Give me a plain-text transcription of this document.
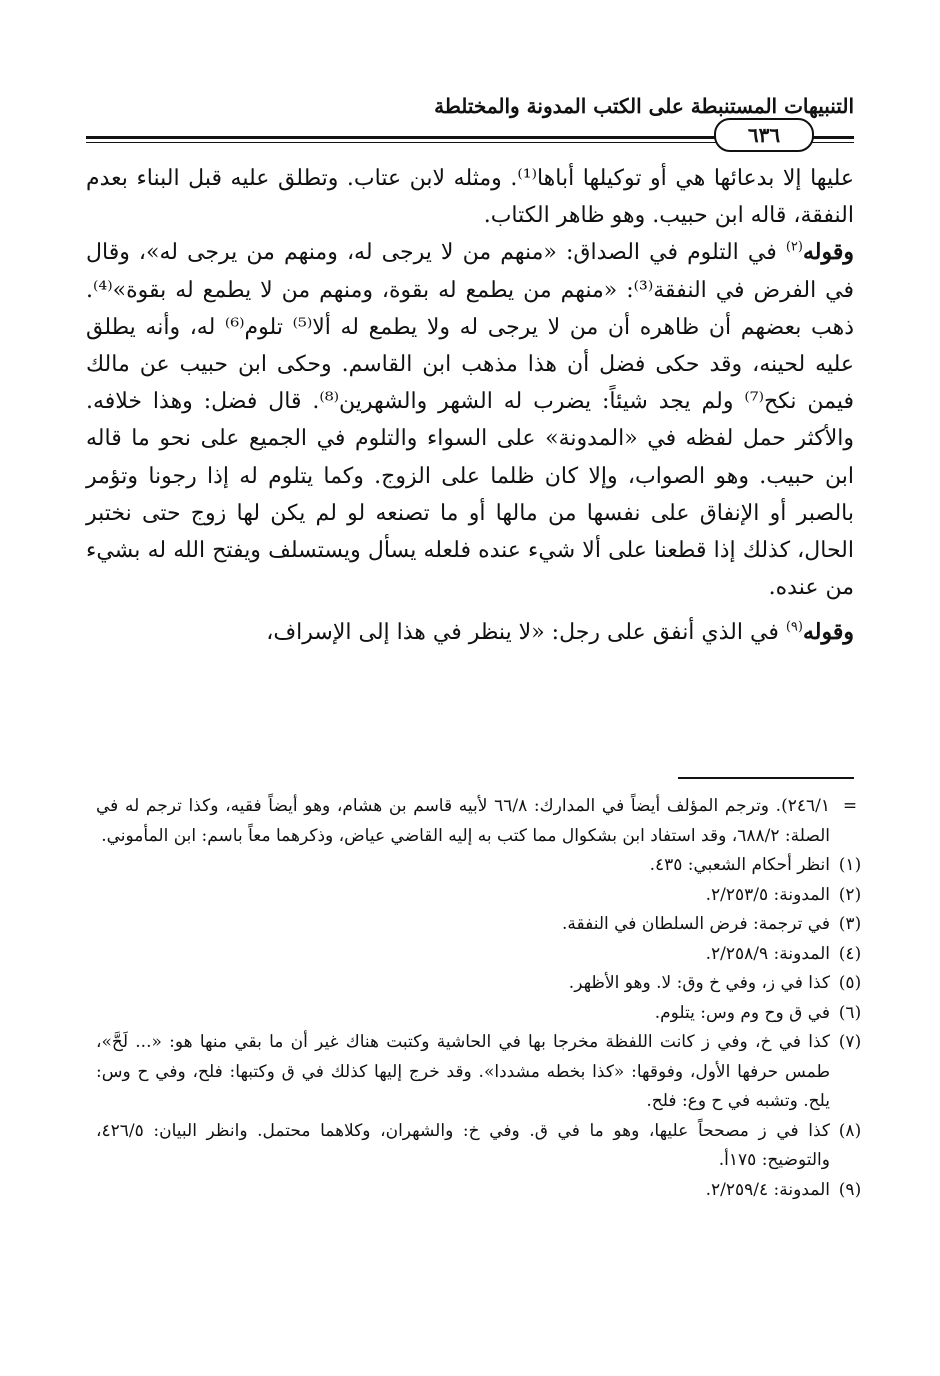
التنبيهات المستنبطة على الكتب المدونة والمختلطة
٦٣٦

عليها إلا بدعائها هي أو توكيلها أباها⁽¹⁾. ومثله لابن عتاب. وتطلق عليه قبل البناء بعدم النفقة، قاله ابن حبيب. وهو ظاهر الكتاب.

وقوله$^{(٢)}$ في التلوم في الصداق: «منهم من لا يرجى له، ومنهم من يرجى له»، وقال في الفرض في النفقة⁽³⁾: «منهم من يطمع له بقوة، ومنهم من لا يطمع له بقوة»⁽⁴⁾. ذهب بعضهم أن ظاهره أن من لا يرجى له ولا يطمع له ألا⁽⁵⁾ تلوم⁽⁶⁾ له، وأنه يطلق عليه لحينه، وقد حكى فضل أن هذا مذهب ابن القاسم. وحكى ابن حبيب عن مالك فيمن نكح⁽⁷⁾ ولم يجد شيئاً: يضرب له الشهر والشهرين⁽⁸⁾. قال فضل: وهذا خلافه. والأكثر حمل لفظه في «المدونة» على السواء والتلوم في الجميع على نحو ما قاله ابن حبيب. وهو الصواب، وإلا كان ظلما على الزوج. وكما يتلوم له إذا رجونا وتؤمر بالصبر أو الإنفاق على نفسها من مالها أو ما تصنعه لو لم يكن لها زوج حتى نختبر الحال، كذلك إذا قطعنا على ألا شيء عنده فلعله يسأل ويستسلف ويفتح الله له بشيء من عنده.

وقوله$^{(٩)}$ في الذي أنفق على رجل: «لا ينظر في هذا إلى الإسراف،

=
٢٤٦/١). وترجم المؤلف أيضاً في المدارك: ٦٦/٨ لأبيه قاسم بن هشام، وهو أيضاً فقيه، وكذا ترجم له في الصلة: ٦٨٨/٢، وقد استفاد ابن بشكوال مما كتب به إليه القاضي عياض، وذكرهما معاً باسم: ابن المأموني.
(١)
انظر أحكام الشعبي: ٤٣٥.
(٢)
المدونة: ٢/٢٥٣/٥.
(٣)
في ترجمة: فرض السلطان في النفقة.
(٤)
المدونة: ٢/٢٥٨/٩.
(٥)
كذا في ز، وفي خ وق: لا. وهو الأظهر.
(٦)
في ق وح وم وس: يتلوم.
(٧)
كذا في خ، وفي ز كانت اللفظة مخرجا بها في الحاشية وكتبت هناك غير أن ما بقي منها هو: «... لَحَّ»، طمس حرفها الأول، وفوقها: «كذا بخطه مشددا». وقد خرج إليها كذلك في ق وكتبها: فلح، وفي ح وس: يلح. وتشبه في ح وع: فلح.
(٨)
كذا في ز مصححاً عليها، وهو ما في ق. وفي خ: والشهران، وكلاهما محتمل. وانظر البيان: ٤٢٦/٥، والتوضيح: ١٧٥أ.
(٩)
المدونة: ٢/٢٥٩/٤.
